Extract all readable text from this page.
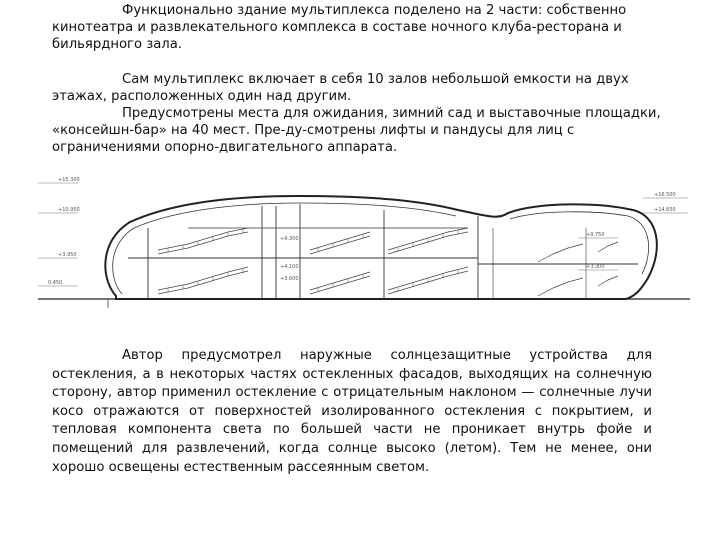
Функционально здание мультиплекса поделено на 2 части: собственно кинотеатра и развлекательного комплекса в составе ночного клуба-ресторана и бильярдного зала.

Сам мультиплекс включает в себя 10 залов небольшой емкости на двух этажах, расположенных один над другим.

Предусмотрены места для ожидания, зимний сад и выставочные площадки, «консейшн-бар» на 40 мест. Пре-ду-смотрены лифты и пандусы для лиц с ограничениями опорно-двигательного аппарата.

+15.300
+10.950
+3.950
0.450
+16.500
+14.650
+9.750
+3.300
+9.300
+4.100
+3.600

Автор предусмотрел наружные солнцезащитные устройства для остекления, а в некоторых частях остекленных фасадов, выходящих на солнечную сторону, автор применил остекление с отрицательным наклоном — солнечные лучи косо отражаются от поверхностей изолированного остекления с покрытием, и тепловая компонента света по большей части не проникает внутрь фойе и помещений для развлечений, когда солнце высоко (летом). Тем не менее, они хорошо освещены естественным рассеянным светом.
